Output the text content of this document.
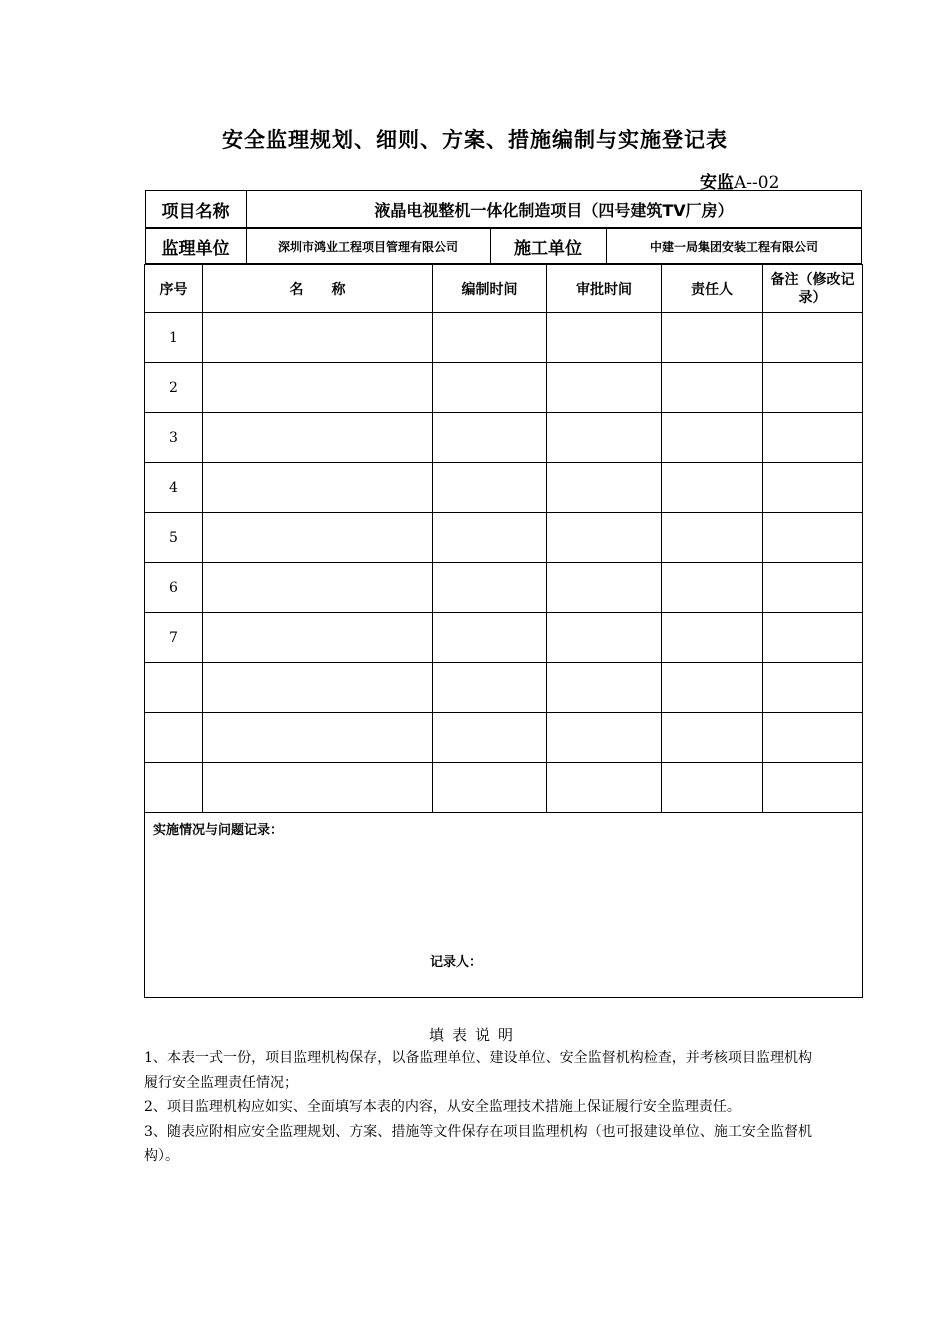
安全监理规划、细则、方案、措施编制与实施登记表
安监A--02
项目名称	液晶电视整机一体化制造项目（四号建筑TV厂房）

监理单位	深圳市鸿业工程项目管理有限公司	施工单位	中建一局集团安装工程有限公司

序号	名　　称	编制时间	审批时间	责任人	备注（修改记录）
1					
2					
3					
4					
5					
6					
7					

实施情况与问题记录：
记录人：
填表说明

1、本表一式一份，项目监理机构保存，以备监理单位、建设单位、安全监督机构检查，并考核项目监理机构履行安全监理责任情况；

2、项目监理机构应如实、全面填写本表的内容，从安全监理技术措施上保证履行安全监理责任。

3、随表应附相应安全监理规划、方案、措施等文件保存在项目监理机构（也可报建设单位、施工安全监督机构）。
